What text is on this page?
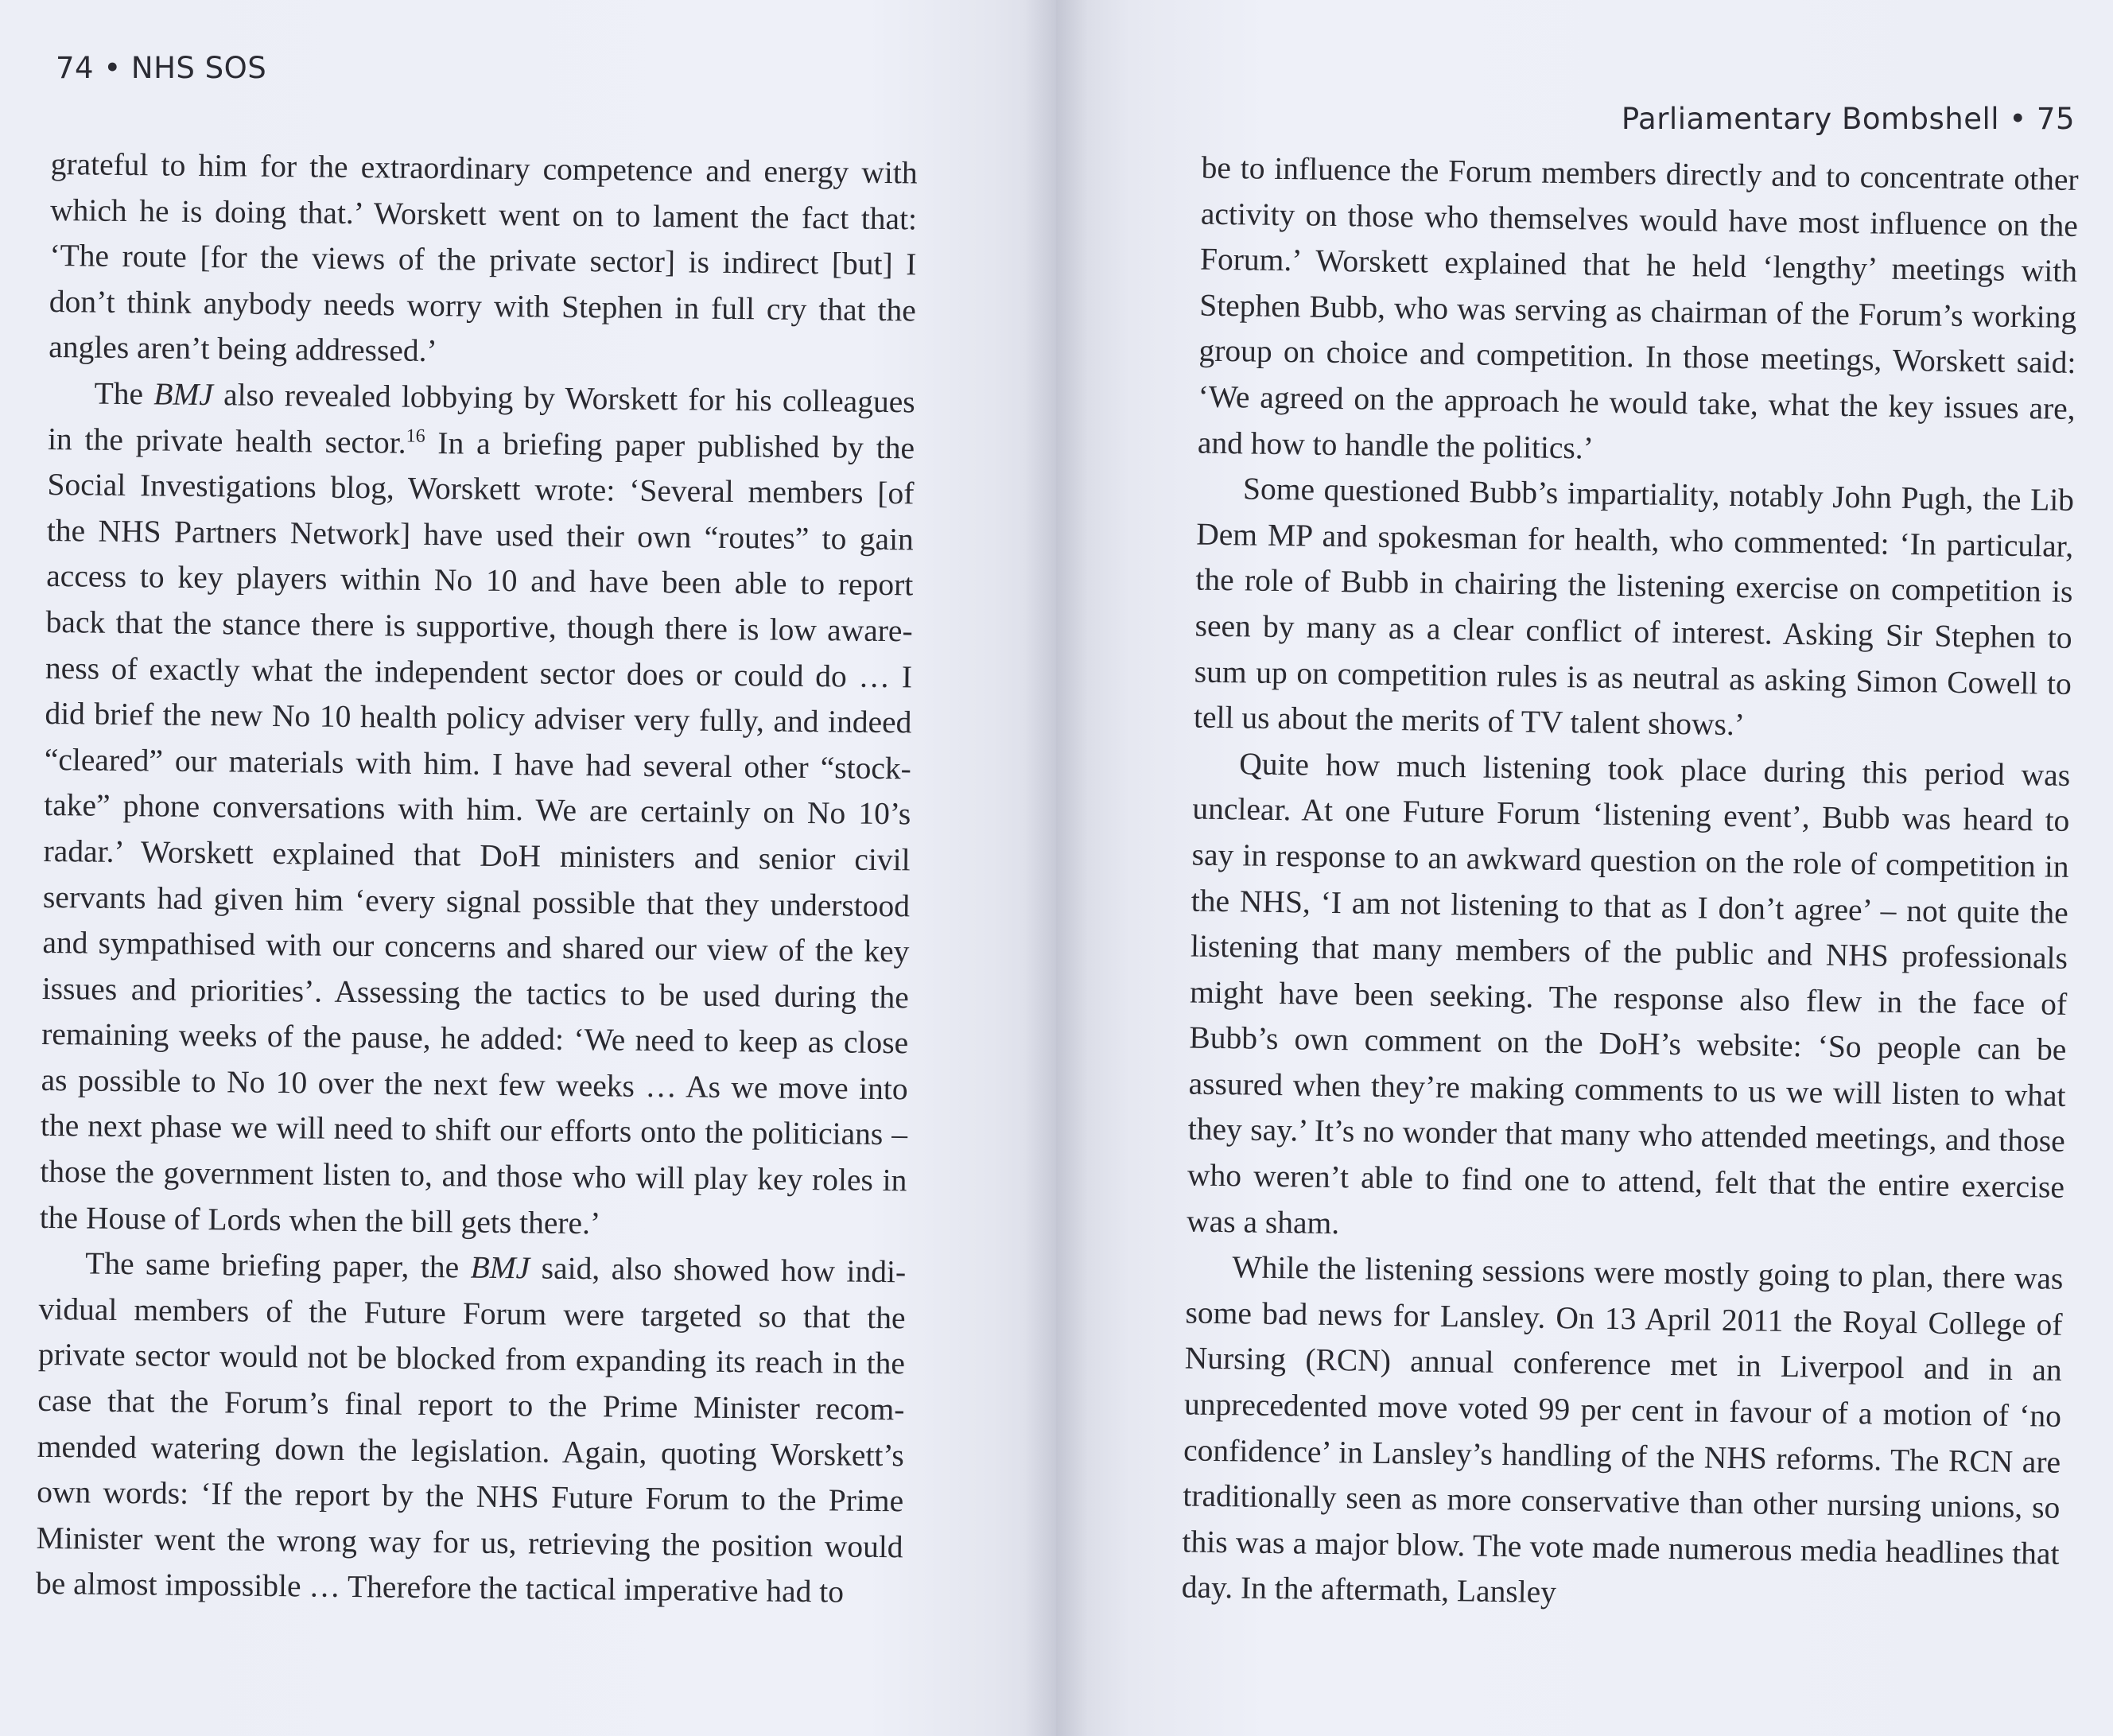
74 • NHS SOS

grateful to him for the extraordinary competence and energy with which he is doing that.’ Worskett went on to lament the fact that: ‘The route [for the views of the private sector] is indirect [but] I don’t think anybody needs worry with Stephen in full cry that the angles aren’t being addressed.’

The BMJ also revealed lobbying by Worskett for his colleagues in the private health sector.$^{16}$ In a briefing paper published by the Social Investigations blog, Worskett wrote: ‘Several members [of the NHS Partners Network] have used their own “routes” to gain access to key players within No 10 and have been able to report back that the stance there is supportive, though there is low awareness of exactly what the independent sector does or could do … I did brief the new No 10 health policy adviser very fully, and indeed “cleared” our materials with him. I have had several other “stock-take” phone conversations with him. We are certainly on No 10’s radar.’ Worskett explained that DoH ministers and senior civil servants had given him ‘every signal possible that they understood and sympathised with our concerns and shared our view of the key issues and priorities’. Assessing the tactics to be used during the remaining weeks of the pause, he added: ‘We need to keep as close as possible to No 10 over the next few weeks … As we move into the next phase we will need to shift our efforts onto the politicians – those the government listen to, and those who will play key roles in the House of Lords when the bill gets there.’

The same briefing paper, the BMJ said, also showed how individual members of the Future Forum were targeted so that the private sector would not be blocked from expanding its reach in the case that the Forum’s final report to the Prime Minister recommended watering down the legislation. Again, quoting Worskett’s own words: ‘If the report by the NHS Future Forum to the Prime Minister went the wrong way for us, retrieving the position would be almost impossible … Therefore the tactical imperative had to

Parliamentary Bombshell • 75

be to influence the Forum members directly and to concentrate other activity on those who themselves would have most influence on the Forum.’ Worskett explained that he held ‘lengthy’ meetings with Stephen Bubb, who was serving as chairman of the Forum’s working group on choice and competition. In those meetings, Worskett said: ‘We agreed on the approach he would take, what the key issues are, and how to handle the politics.’

Some questioned Bubb’s impartiality, notably John Pugh, the Lib Dem MP and spokesman for health, who commented: ‘In particular, the role of Bubb in chairing the listening exercise on competition is seen by many as a clear conflict of interest. Asking Sir Stephen to sum up on competition rules is as neutral as asking Simon Cowell to tell us about the merits of TV talent shows.’

Quite how much listening took place during this period was unclear. At one Future Forum ‘listening event’, Bubb was heard to say in response to an awkward question on the role of competition in the NHS, ‘I am not listening to that as I don’t agree’ – not quite the listening that many members of the public and NHS professionals might have been seeking. The response also flew in the face of Bubb’s own comment on the DoH’s website: ‘So people can be assured when they’re making comments to us we will listen to what they say.’ It’s no wonder that many who attended meetings, and those who weren’t able to find one to attend, felt that the entire exercise was a sham.

While the listening sessions were mostly going to plan, there was some bad news for Lansley. On 13 April 2011 the Royal College of Nursing (RCN) annual conference met in Liverpool and in an unprecedented move voted 99 per cent in favour of a motion of ‘no confidence’ in Lansley’s handling of the NHS reforms. The RCN are traditionally seen as more conservative than other nursing unions, so this was a major blow. The vote made numerous media headlines that day. In the aftermath, Lansley
